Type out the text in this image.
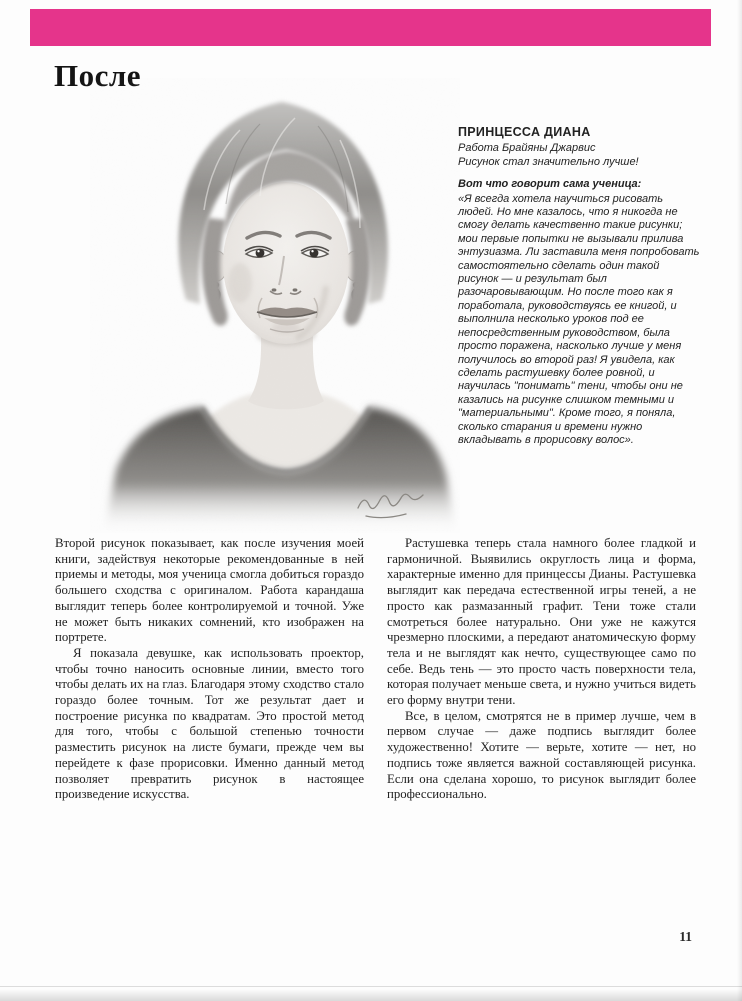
После
ПРИНЦЕССА ДИАНА

Работа Брайяны Джарвис

Рисунок стал значительно лучше!

Вот что говорит сама ученица:

«Я всегда хотела научиться рисовать людей. Но мне казалось, что я никогда не смогу делать качественно такие рисунки; мои первые попытки не вызывали прилива энтузиазма. Ли заставила меня попробовать самостоятельно сделать один такой рисунок — и результат был разочаровывающим. Но после того как я поработала, руководствуясь ее книгой, и выполнила несколько уроков под ее непосредственным руководством, была просто поражена, насколько лучше у меня получилось во второй раз! Я увидела, как сделать растушевку более ровной, и научилась "понимать" тени, чтобы они не казались на рисунке слишком темными и "материальными". Кроме того, я поняла, сколько старания и времени нужно вкладывать в прорисовку волос».

Второй рисунок показывает, как после изучения моей книги, задействуя некоторые рекомендованные в ней приемы и методы, моя ученица смогла добиться гораздо большего сходства с оригиналом. Работа карандаша выглядит теперь более контролируемой и точной. Уже не может быть никаких сомнений, кто изображен на портрете.

Я показала девушке, как использовать проектор, чтобы точно наносить основные линии, вместо того чтобы делать их на глаз. Благодаря этому сходство стало гораздо более точным. Тот же результат дает и построение рисунка по квадратам. Это простой метод для того, чтобы с большой степенью точности разместить рисунок на листе бумаги, прежде чем вы перейдете к фазе прорисовки. Именно данный метод позволяет превратить рисунок в настоящее произведение искусства.

Растушевка теперь стала намного более гладкой и гармоничной. Выявились округлость лица и форма, характерные именно для принцессы Дианы. Растушевка выглядит как передача естественной игры теней, а не просто как размазанный графит. Тени тоже стали смотреться более натурально. Они уже не кажутся чрезмерно плоскими, а передают анатомическую форму тела и не выглядят как нечто, существующее само по себе. Ведь тень — это просто часть поверхности тела, которая получает меньше света, и нужно учиться видеть его форму внутри тени.

Все, в целом, смотрятся не в пример лучше, чем в первом случае — даже подпись выглядит более художественно! Хотите — верьте, хотите — нет, но подпись тоже является важной составляющей рисунка. Если она сделана хорошо, то рисунок выглядит более профессионально.

11
